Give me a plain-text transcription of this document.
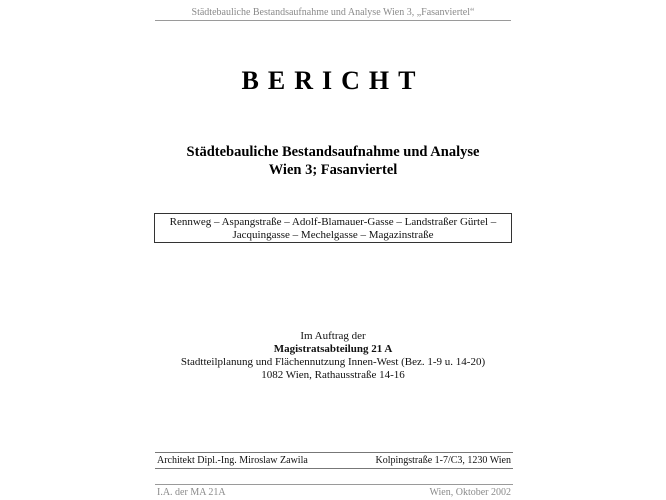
Städtebauliche Bestandsaufnahme und Analyse Wien 3, „Fasanviertel“
BERICHT
Städtebauliche Bestandsaufnahme und Analyse
Wien 3; Fasanviertel
Rennweg – Aspangstraße – Adolf-Blamauer-Gasse – Landstraßer Gürtel –
Jacquingasse – Mechelgasse – Magazinstraße
Im Auftrag der
Magistratsabteilung 21 A
Stadtteilplanung und Flächennutzung Innen-West (Bez. 1-9 u. 14-20)
1082 Wien, Rathausstraße 14-16
Architekt Dipl.-Ing. Miroslaw Zawila	Kolpingstraße 1-7/C3, 1230 Wien
I.A. der MA 21A	Wien, Oktober 2002
